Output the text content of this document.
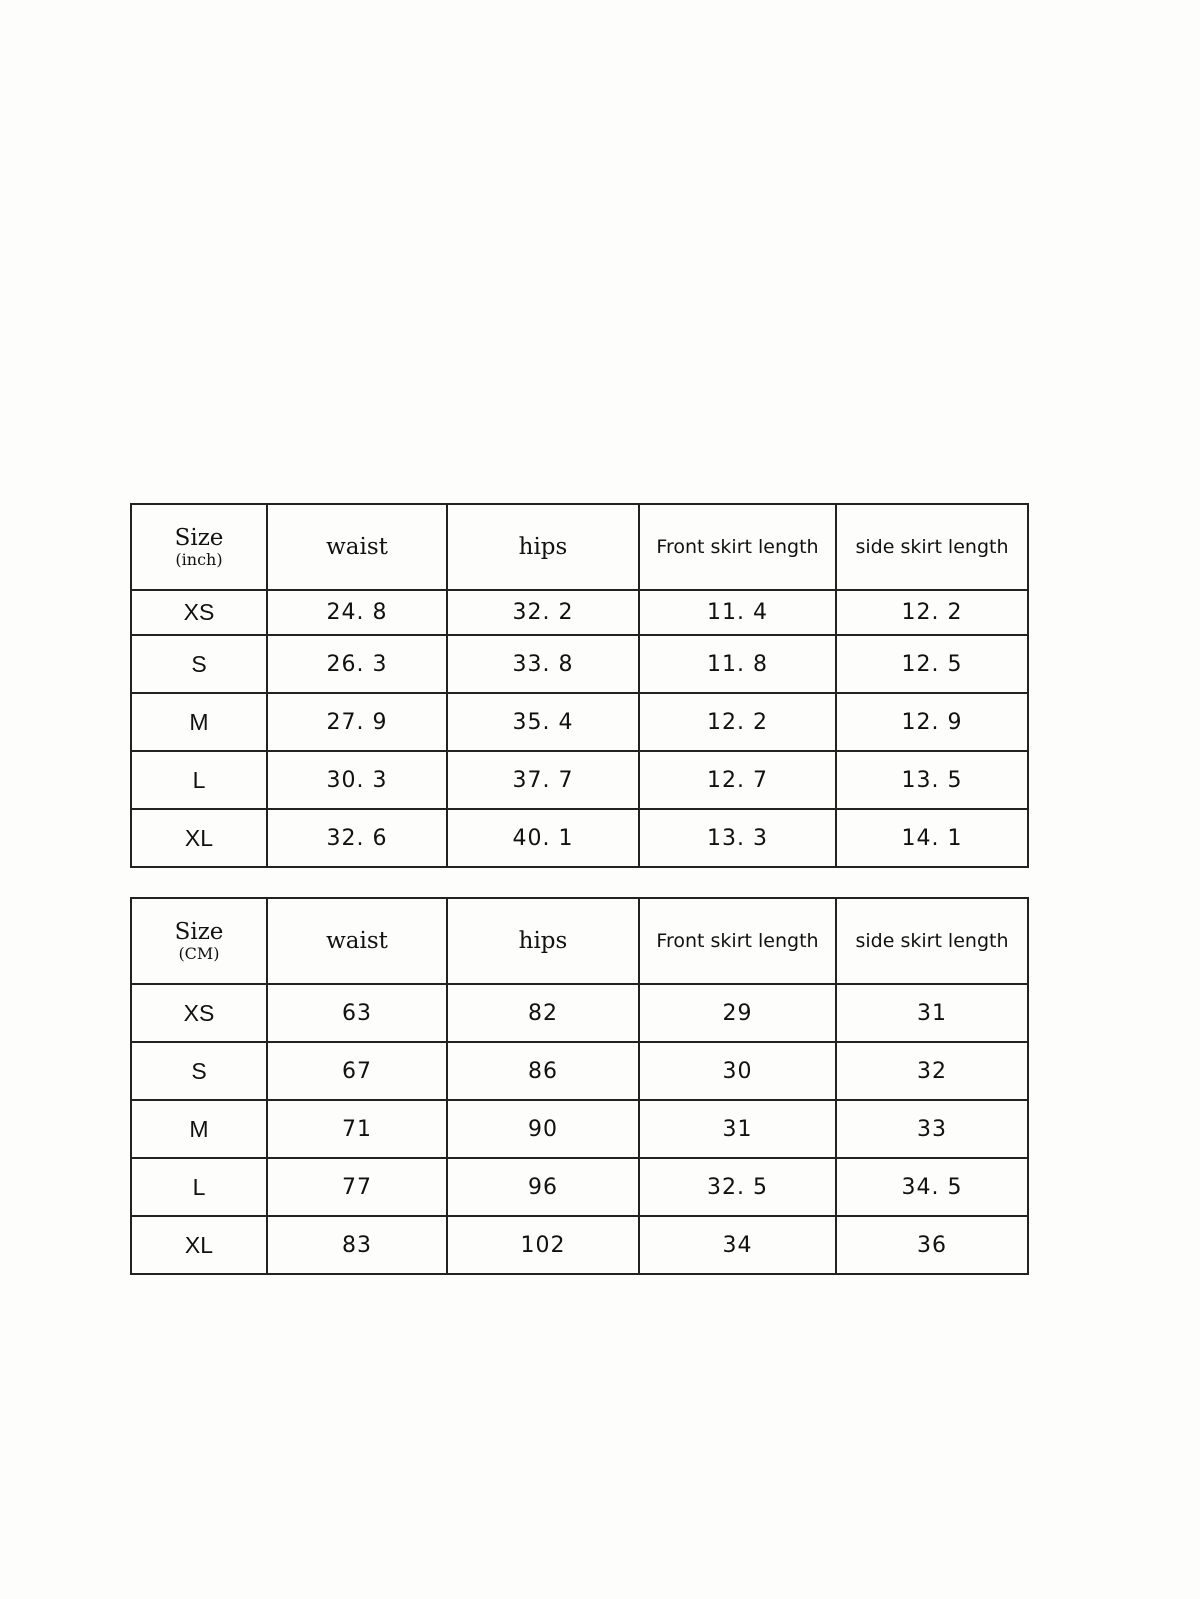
Size
(inch)	waist	hips	Front skirt length	side skirt length
XS	24. 8	32. 2	11. 4	12. 2
S	26. 3	33. 8	11. 8	12. 5
M	27. 9	35. 4	12. 2	12. 9
L	30. 3	37. 7	12. 7	13. 5
XL	32. 6	40. 1	13. 3	14. 1
Size
(CM)	waist	hips	Front skirt length	side skirt length
XS	63	82	29	31
S	67	86	30	32
M	71	90	31	33
L	77	96	32. 5	34. 5
XL	83	102	34	36
